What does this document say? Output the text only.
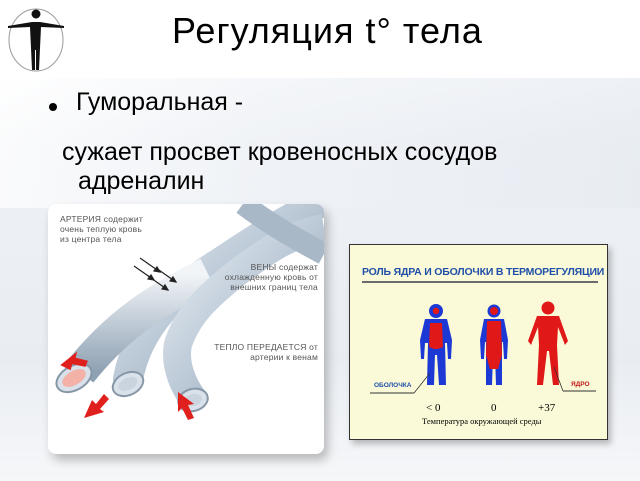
Регуляция t° тела
Гуморальная -
сужает просвет кровеносных сосудов
адреналин
АРТЕРИЯ содержит очень теплую кровь из центра тела
ВЕНЫ содержат охлажденную кровь от внешних границ тела
ТЕПЛО ПЕРЕДАЕТСЯ от артерии к венам
РОЛЬ ЯДРА И ОБОЛОЧКИ В ТЕРМОРЕГУЛЯЦИИ
ОБОЛОЧКА	ЯДРО
< 0	0	+37
Температура окружающей среды
